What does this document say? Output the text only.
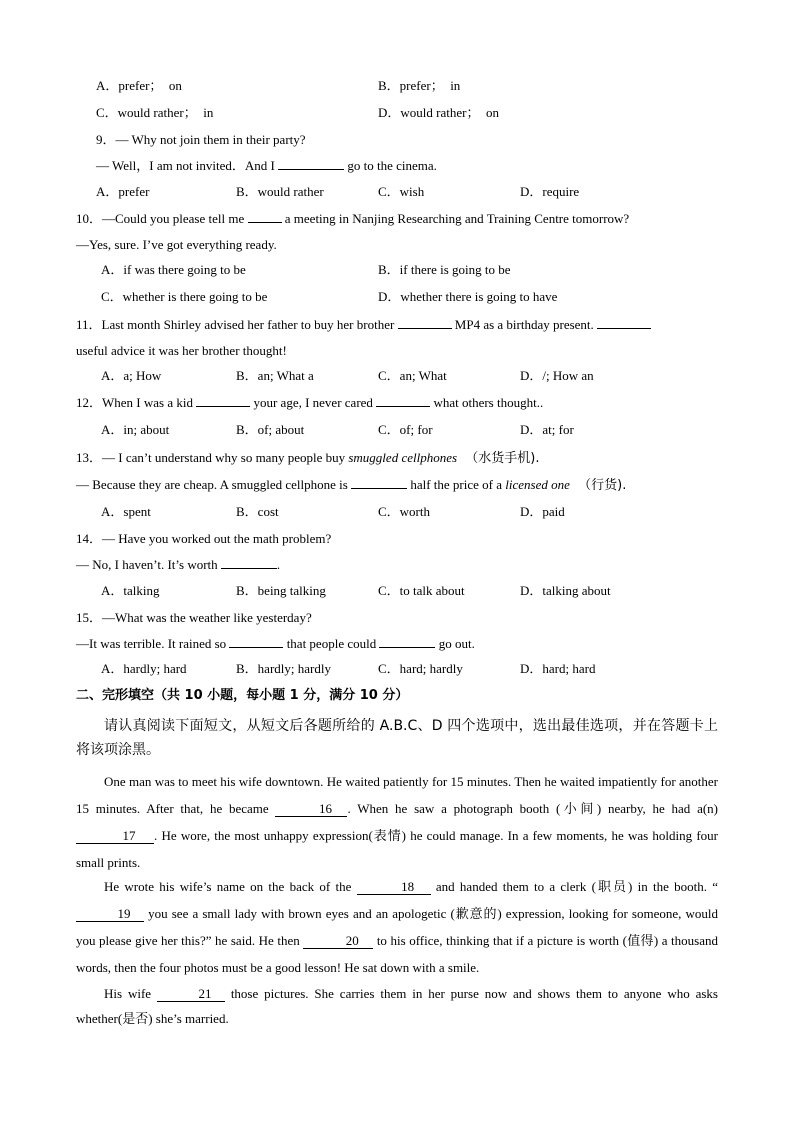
A．prefer；  on	B．prefer；  in
C．would rather；  in	D．would rather；  on
9．— Why not join them in their party?
— Well，I am not invited．And I	go to the cinema.
A．prefer	B．would rather	C．wish	D．require
10．—Could you please tell me	a meeting in Nanjing Researching and Training Centre tomorrow?
—Yes, sure. I’ve got everything ready.
A．if was there going to be	B．if there is going to be
C．whether is there going to be	D．whether there is going to have
11．Last month Shirley advised her father to buy her brother	MP4 as a birthday present.
useful advice it was her brother thought!
A．a; How	B．an; What a	C．an; What	D．/; How an
12．When I was a kid	your age, I never cared	what others thought..
A．in; about	B．of; about	C．of; for	D．at; for
13．— I can’t understand why so many people buy smuggled cellphones  （水货手机).
— Because they are cheap. A smuggled cellphone is	half the price of a licensed one  （行货).
A．spent	B．cost	C．worth	D．paid
14．— Have you worked out the math problem?
— No, I haven’t. It’s worth	.
A．talking	B．being talking	C．to talk about	D．talking about
15．—What was the weather like yesterday?
—It was terrible. It rained so	that people could	go out.
A．hardly; hard	B．hardly; hardly	C．hard; hardly	D．hard; hard
二、完形填空（共 10 小题，每小题 1 分，满分 10 分）
请认真阅读下面短文，从短文后各题所给的 A.B.C、D 四个选项中，选出最佳选项，并在答题卡上将该项涂黑。
One man was to meet his wife downtown. He waited patiently for 15 minutes. Then he waited impatiently for another 15 minutes. After that, he became	16 . When he saw a photograph booth (小间) nearby, he had a(n) 17 . He wore, the most unhappy expression(表情) he could manage. In a few moments, he was holding four small prints.
He wrote his wife’s name on the back of the	18 and handed them to a clerk (职员) in the booth. “19 you see a small lady with brown eyes and an apologetic (歉意的) expression, looking for someone, would you please give her this?” he said. He then	20 to his office, thinking that if a picture is worth (值得) a thousand words, then the four photos must be a good lesson! He sat down with a smile.
His wife	21 those pictures. She carries them in her purse now and shows them to anyone who asks whether(是否) she’s married.
